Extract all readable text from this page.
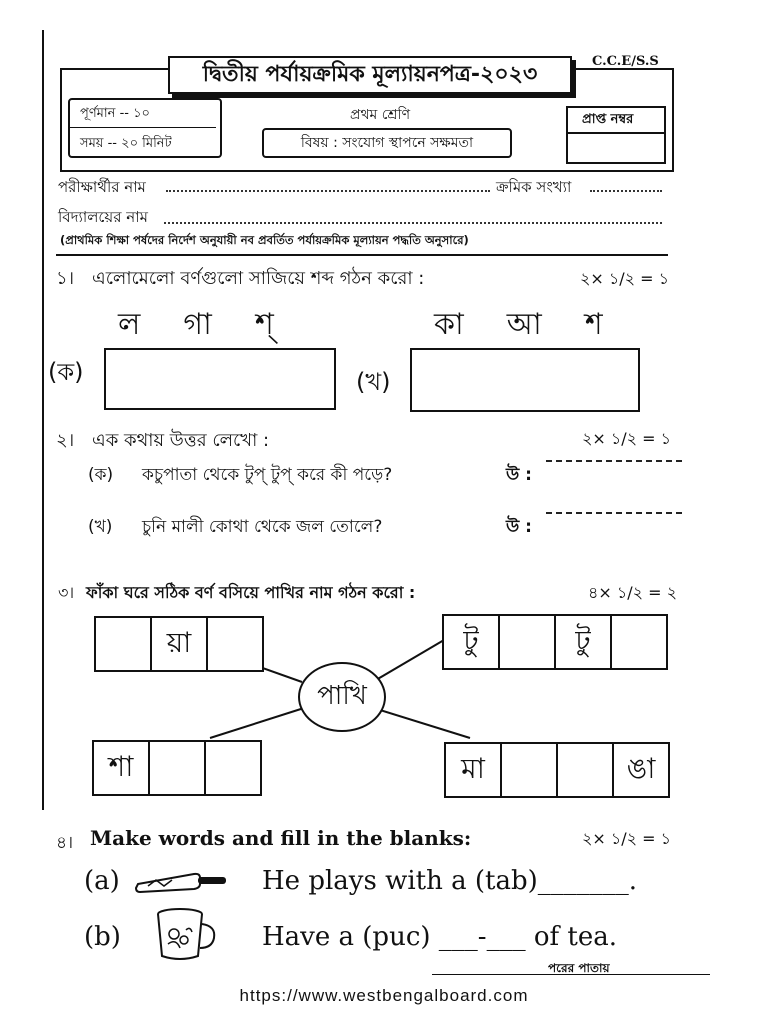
দ্বিতীয় পর্যায়ক্রমিক মূল্যায়নপত্র-২০২৩	C.C.E/S.S
প্রথম শ্রেণি
পূর্ণমান -- ১০
সময় -- ২০ মিনিট	বিষয় : সংযোগ স্থাপনে সক্ষমতা
প্রাপ্ত নম্বর
পরীক্ষার্থীর নাম	ক্রমিক সংখ্যা
বিদ্যালয়ের নাম
(প্রাথমিক শিক্ষা পর্ষদের নির্দেশ অনুযায়ী নব প্রবর্তিত পর্যায়ক্রমিক মূল্যায়ন পদ্ধতি অনুসারে)
১। এলোমেলো বর্ণগুলো সাজিয়ে শব্দ গঠন করো :	২× ১/২ = ১
ল  গা  শ্	কা  আ  শ
(ক)	(খ)
২। এক কথায় উত্তর লেখো :	২× ১/২ = ১
(ক) কচুপাতা থেকে টুপ্ টুপ্ করে কী পড়ে?	উ :
(খ) চুনি মালী কোথা থেকে জল তোলে?	উ :
৩। ফাঁকা ঘরে সঠিক বর্ণ বসিয়ে পাখির নাম গঠন করো :	৪× ১/২ = ২
পাখি
য়া	টু	টু
শা	মা	ঙা
৪। Make words and fill in the blanks:	২× ১/২ = ১
(a)	He plays with a (tab)_______.
(b)	Have a (puc) ___-___ of tea.
পরের পাতায়
https://www.westbengalboard.com
